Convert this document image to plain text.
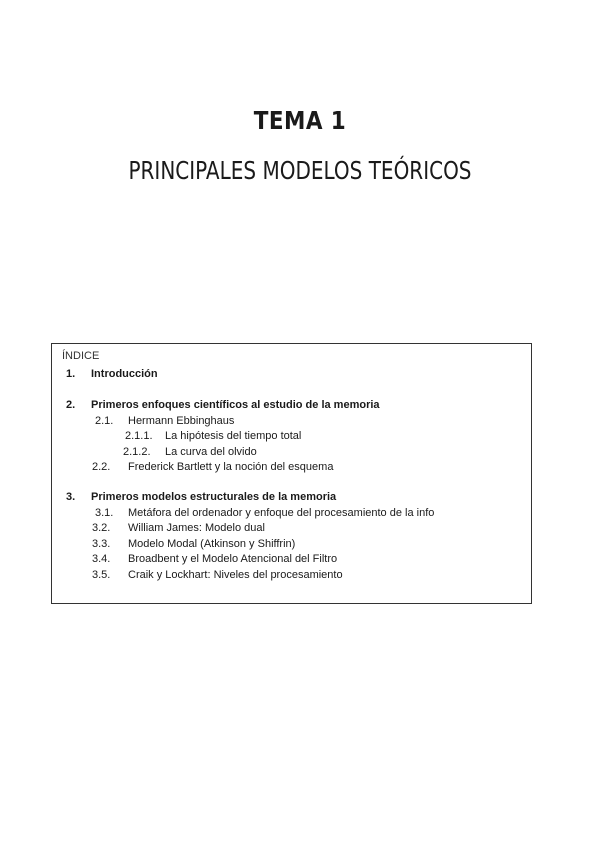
TEMA 1
PRINCIPALES MODELOS TEÓRICOS
ÍNDICE
1. Introducción
2. Primeros enfoques científicos al estudio de la memoria
2.1. Hermann Ebbinghaus
2.1.1. La hipótesis del tiempo total
2.1.2. La curva del olvido
2.2. Frederick Bartlett y la noción del esquema
3. Primeros modelos estructurales de la memoria
3.1. Metáfora del ordenador y enfoque del procesamiento de la info
3.2. William James: Modelo dual
3.3. Modelo Modal (Atkinson y Shiffrin)
3.4. Broadbent y el Modelo Atencional del Filtro
3.5. Craik y Lockhart: Niveles del procesamiento
